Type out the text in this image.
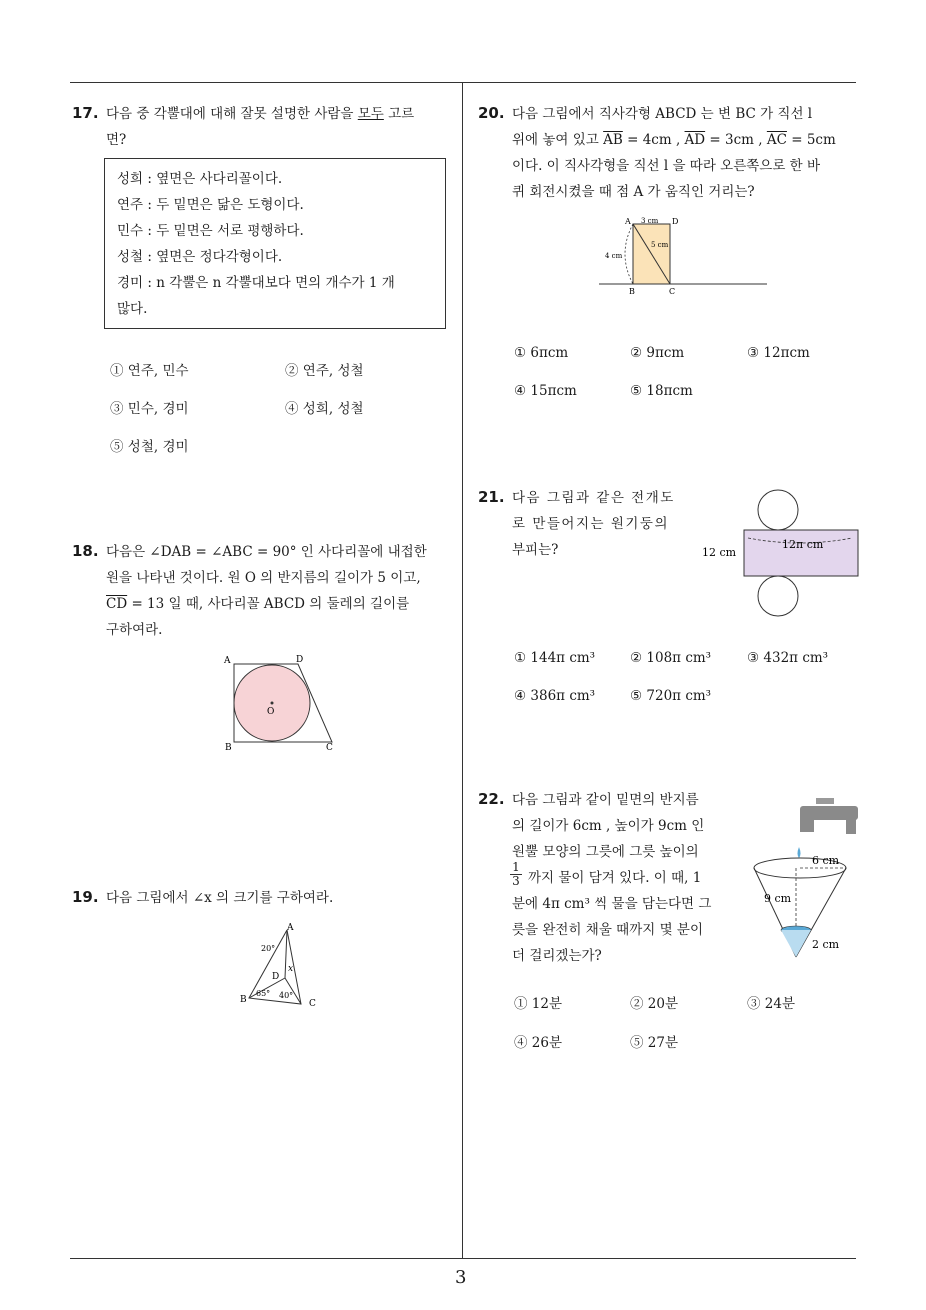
3
17. 다음 중 각뿔대에 대해 잘못 설명한 사람을 모두 고르
면?
성희 : 옆면은 사다리꼴이다.
연주 : 두 밑면은 닮은 도형이다.
민수 : 두 밑면은 서로 평행하다.
성철 : 옆면은 정다각형이다.
경미 : n 각뿔은 n 각뿔대보다 면의 개수가 1 개
많다.
① 연주, 민수	② 연주, 성철
③ 민수, 경미	④ 성희, 성철
⑤ 성철, 경미
18. 다음은 ∠DAB = ∠ABC = 90° 인 사다리꼴에 내접한
원을 나타낸 것이다. 원 O 의 반지름의 길이가 5 이고,
$\overline{CD} = 13$ 일 때, 사다리꼴 ABCD 의 둘레의 길이를
구하여라.
A	D
B	C
O
19. 다음 그림에서 ∠x 의 크기를 구하여라.
A
B	C
D
x
20°
65° 40°
20. 다음 그림에서 직사각형 ABCD 는 변 BC 가 직선 l
위에 놓여 있고 $\overline{AB} = 4cm$ , $\overline{AD} = 3cm$ , $\overline{AC} = 5cm$
이다. 이 직사각형을 직선 l 을 따라 오른쪽으로 한 바
퀴 회전시켰을 때 점 A 가 움직인 거리는?
A	D
B	C
3 cm
4 cm
5 cm
① 6πcm	② 9πcm	③ 12πcm
④ 15πcm	⑤ 18πcm
21. 다음 그림과 같은 전개도
로 만들어지는 원기둥의
부피는?	12 cm
12π cm
① 144π cm³	② 108π cm³	③ 432π cm³
④ 386π cm³	⑤ 720π cm³
22. 다음 그림과 같이 밑면의 반지름
의 길이가 6cm , 높이가 9cm 인
원뿔 모양의 그릇에 그릇 높이의
$\frac{1}{3}$ 까지 물이 담겨 있다. 이 때, 1
분에 4π cm³ 씩 물을 담는다면 그
릇을 완전히 채울 때까지 몇 분이
더 걸리겠는가?
6 cm
9 cm
2 cm
① 12분	② 20분	③ 24분
④ 26분	⑤ 27분
